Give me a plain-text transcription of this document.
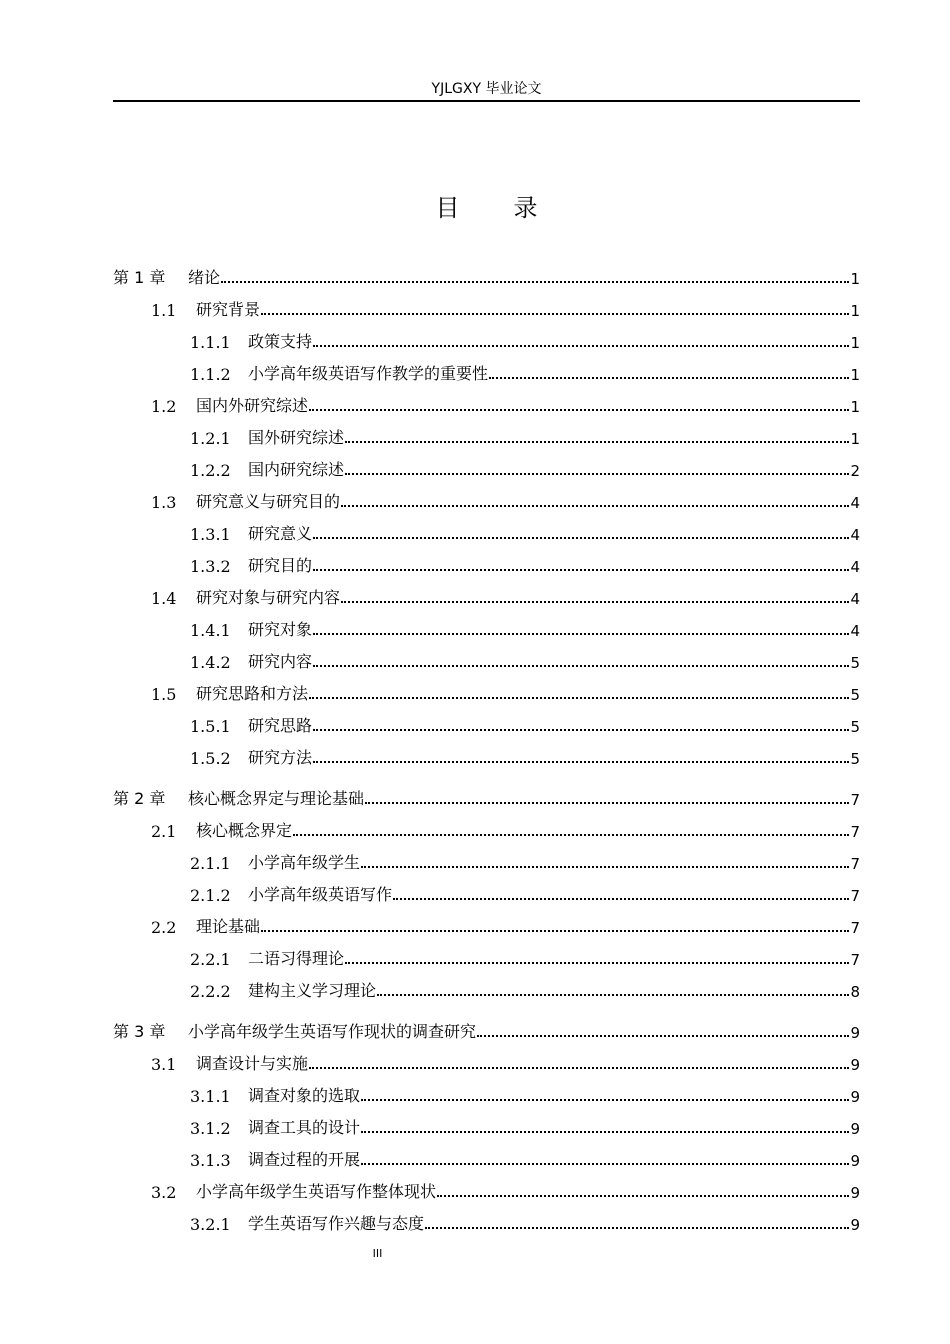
YJLGXY 毕业论文
目　　录
第 1 章	绪论	1
1.1	研究背景	1
1.1.1	政策支持	1
1.1.2	小学高年级英语写作教学的重要性	1
1.2	国内外研究综述	1
1.2.1	国外研究综述	1
1.2.2	国内研究综述	2
1.3	研究意义与研究目的	4
1.3.1	研究意义	4
1.3.2	研究目的	4
1.4	研究对象与研究内容	4
1.4.1	研究对象	4
1.4.2	研究内容	5
1.5	研究思路和方法	5
1.5.1	研究思路	5
1.5.2	研究方法	5
第 2 章	核心概念界定与理论基础	7
2.1	核心概念界定	7
2.1.1	小学高年级学生	7
2.1.2	小学高年级英语写作	7
2.2	理论基础	7
2.2.1	二语习得理论	7
2.2.2	建构主义学习理论	8
第 3 章	小学高年级学生英语写作现状的调查研究	9
3.1	调查设计与实施	9
3.1.1	调查对象的选取	9
3.1.2	调查工具的设计	9
3.1.3	调查过程的开展	9
3.2	小学高年级学生英语写作整体现状	9
3.2.1	学生英语写作兴趣与态度	9
III
